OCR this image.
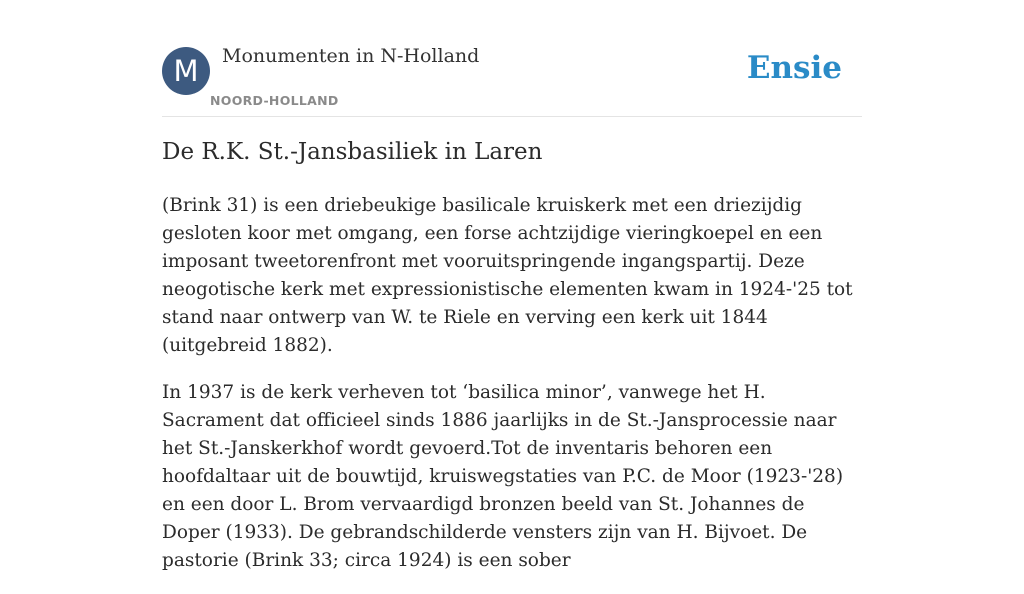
M	Monumenten in N-Holland
NOORD-HOLLAND
Ensie
De R.K. St.-Jansbasiliek in Laren

(Brink 31) is een driebeukige basilicale kruiskerk met een driezijdig gesloten koor met omgang, een forse achtzijdige vieringkoepel en een imposant tweetorenfront met vooruitspringende ingangspartij. Deze neogotische kerk met expressionistische elementen kwam in 1924-'25 tot stand naar ontwerp van W. te Riele en verving een kerk uit 1844 (uitgebreid 1882).

In 1937 is de kerk verheven tot ‘basilica minor’, vanwege het H. Sacrament dat officieel sinds 1886 jaarlijks in de St.-Jansprocessie naar het St.-Janskerkhof wordt gevoerd.Tot de inventaris behoren een hoofdaltaar uit de bouwtijd, kruiswegstaties van P.C. de Moor (1923-'28) en een door L. Brom vervaardigd bronzen beeld van St. Johannes de Doper (1933). De gebrandschilderde vensters zijn van H. Bijvoet. De pastorie (Brink 33; circa 1924) is een sober
